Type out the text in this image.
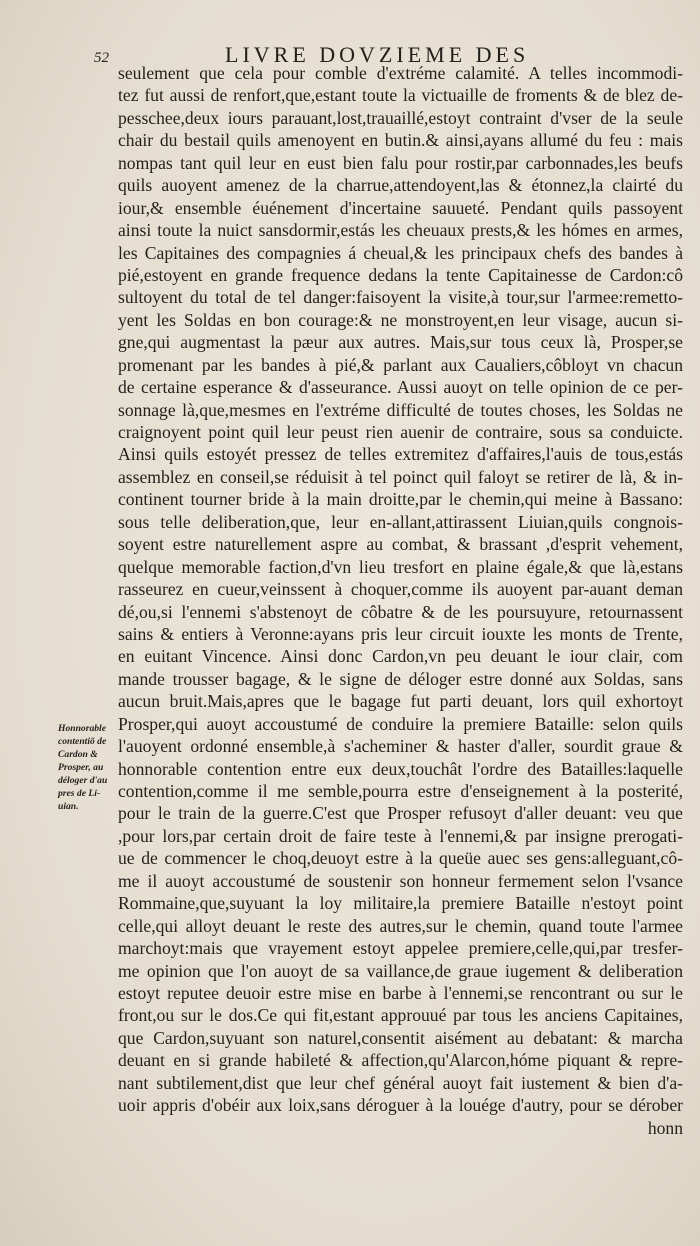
52	LIVRE DOVZIEME DES
seulement que cela pour comble d'extréme calamité. A telles incommodi-
tez fut aussi de renfort,que,estant toute la victuaille de froments & de blez de-
pesschee,deux iours parauant,lost,trauaillé,estoyt contraint d'vser de la seule
chair du bestail quils amenoyent en butin.& ainsi,ayans allumé du feu : mais
nompas tant quil leur en eust bien falu pour rostir,par carbonnades,les beufs
quils auoyent amenez de la charrue,attendoyent,las & étonnez,la clairté du
iour,& ensemble éuénement d'incertaine sauueté. Pendant quils passoyent
ainsi toute la nuict sansdormir,estás les cheuaux prests,& les hómes en armes,
les Capitaines des compagnies á cheual,& les principaux chefs des bandes à
pié,estoyent en grande frequence dedans la tente Capitainesse de Cardon:cô
sultoyent du total de tel danger:faisoyent la visite,à tour,sur l'armee:remetto-
yent les Soldas en bon courage:& ne monstroyent,en leur visage, aucun si-
gne,qui augmentast la pæur aux autres. Mais,sur tous ceux là, Prosper,se
promenant par les bandes à pié,& parlant aux Caualiers,côbloyt vn chacun
de certaine esperance & d'asseurance. Aussi auoyt on telle opinion de ce per-
sonnage là,que,mesmes en l'extréme difficulté de toutes choses, les Soldas ne
craignoyent point quil leur peust rien auenir de contraire, sous sa conduicte.
Ainsi quils estoyét pressez de telles extremitez d'affaires,l'auis de tous,estás
assemblez en conseil,se réduisit à tel poinct quil faloyt se retirer de là, & in-
continent tourner bride à la main droitte,par le chemin,qui meine à Bassano:
sous telle deliberation,que, leur en-allant,attirassent Liuian,quils congnois-
soyent estre naturellement aspre au combat, & brassant ,d'esprit vehement,
quelque memorable faction,d'vn lieu tresfort en plaine égale,& que là,estans
rasseurez en cueur,veinssent à choquer,comme ils auoyent par-auant deman
dé,ou,si l'ennemi s'abstenoyt de côbatre & de les poursuyure, retournassent
sains & entiers à Veronne:ayans pris leur circuit iouxte les monts de Trente,
en euitant Vincence. Ainsi donc Cardon,vn peu deuant le iour clair, com
mande trousser bagage, & le signe de déloger estre donné aux Soldas, sans
aucun bruit.Mais,apres que le bagage fut parti deuant, lors quil exhortoyt
Prosper,qui auoyt accoustumé de conduire la premiere Bataille: selon quils
l'auoyent ordonné ensemble,à s'acheminer & haster d'aller, sourdit graue &
honnorable contention entre eux deux,touchât l'ordre des Batailles:laquelle
contention,comme il me semble,pourra estre d'enseignement à la posterité,
pour le train de la guerre.C'est que Prosper refusoyt d'aller deuant: veu que
,pour lors,par certain droit de faire teste à l'ennemi,& par insigne prerogati-
ue de commencer le choq,deuoyt estre à la queüe auec ses gens:alleguant,cô-
me il auoyt accoustumé de soustenir son honneur fermement selon l'vsance
Rommaine,que,suyuant la loy militaire,la premiere Bataille n'estoyt point
celle,qui alloyt deuant le reste des autres,sur le chemin, quand toute l'armee
marchoyt:mais que vrayement estoyt appelee premiere,celle,qui,par tresfer-
me opinion que l'on auoyt de sa vaillance,de graue iugement & deliberation
estoyt reputee deuoir estre mise en barbe à l'ennemi,se rencontrant ou sur le
front,ou sur le dos.Ce qui fit,estant approuué par tous les anciens Capitaines,
que Cardon,suyuant son naturel,consentit aisément au debatant: & marcha
deuant en si grande habileté & affection,qu'Alarcon,hóme piquant & repre-
nant subtilement,dist que leur chef général auoyt fait iustement & bien d'a-
uoir appris d'obéir aux loix,sans déroguer à la louége d'autry, pour se dérober
honn
Honnorable
contentiõ de
Cardon &
Prosper, au
déloger d'au
pres de Li-
uian.
